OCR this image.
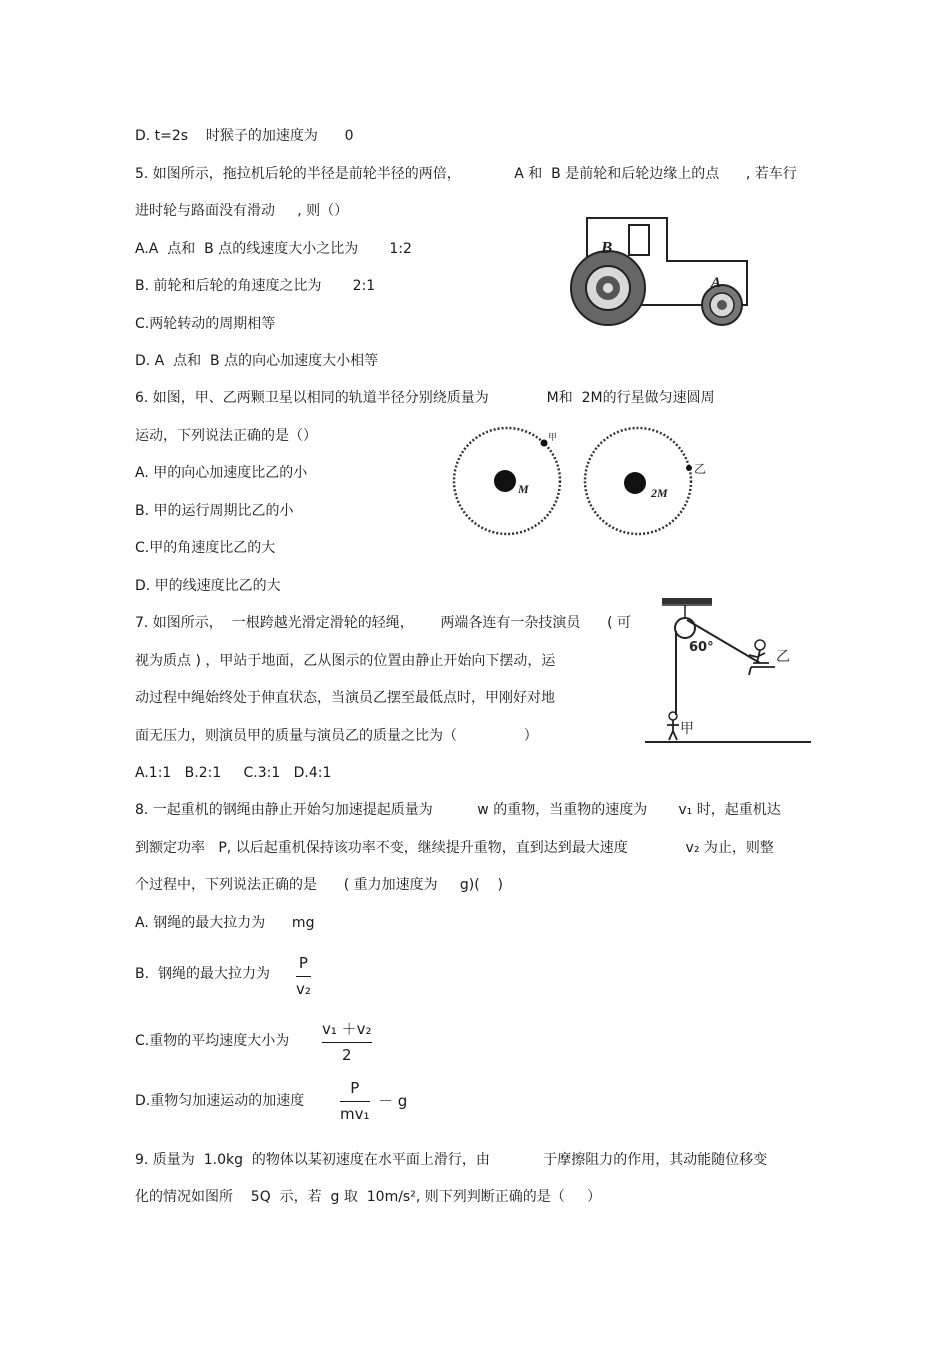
D. t=2s    时猴子的加速度为      0
5. 如图所示，拖拉机后轮的半径是前轮半径的两倍，            A 和  B 是前轮和后轮边缘上的点      , 若车行
进时轮与路面没有滑动     , 则（）
A.A  点和  B 点的线速度大小之比为       1:2
B. 前轮和后轮的角速度之比为       2:1
C.两轮转动的周期相等
D. A  点和  B 点的向心加速度大小相等
B
A
6. 如图，甲、乙两颗卫星以相同的轨道半径分别绕质量为             M和  2M的行星做匀速圆周
运动，下列说法正确的是（）
A. 甲的向心加速度比乙的小
B. 甲的运行周期比乙的小
C.甲的角速度比乙的大
D. 甲的线速度比乙的大
M
甲
2M
乙
7. 如图所示，  一根跨越光滑定滑轮的轻绳，      两端各连有一杂技演员      ( 可
视为质点 ) ，甲站于地面，乙从图示的位置由静止开始向下摆动，运
动过程中绳始终处于伸直状态，当演员乙摆至最低点时，甲刚好对地
面无压力，则演员甲的质量与演员乙的质量之比为（               ）
A.1:1   B.2:1     C.3:1   D.4:1
60°
乙
甲
8. 一起重机的钢绳由静止开始匀加速提起质量为          w 的重物，当重物的速度为       v₁ 时，起重机达
到额定功率   P, 以后起重机保持该功率不变，继续提升重物，直到达到最大速度             v₂ 为止，则整
个过程中，下列说法正确的是      ( 重力加速度为     g)(    )
A. 钢绳的最大拉力为      mg
B.  钢绳的最大拉力为
P
v₂
C.重物的平均速度大小为
v₁ ＋v₂
2
D.重物匀加速运动的加速度
P
mv₁
－ g
9. 质量为  1.0kg  的物体以某初速度在水平面上滑行，由            于摩擦阻力的作用，其动能随位移变
化的情况如图所    5Q  示，若  g 取  10m/s², 则下列判断正确的是（     ）
